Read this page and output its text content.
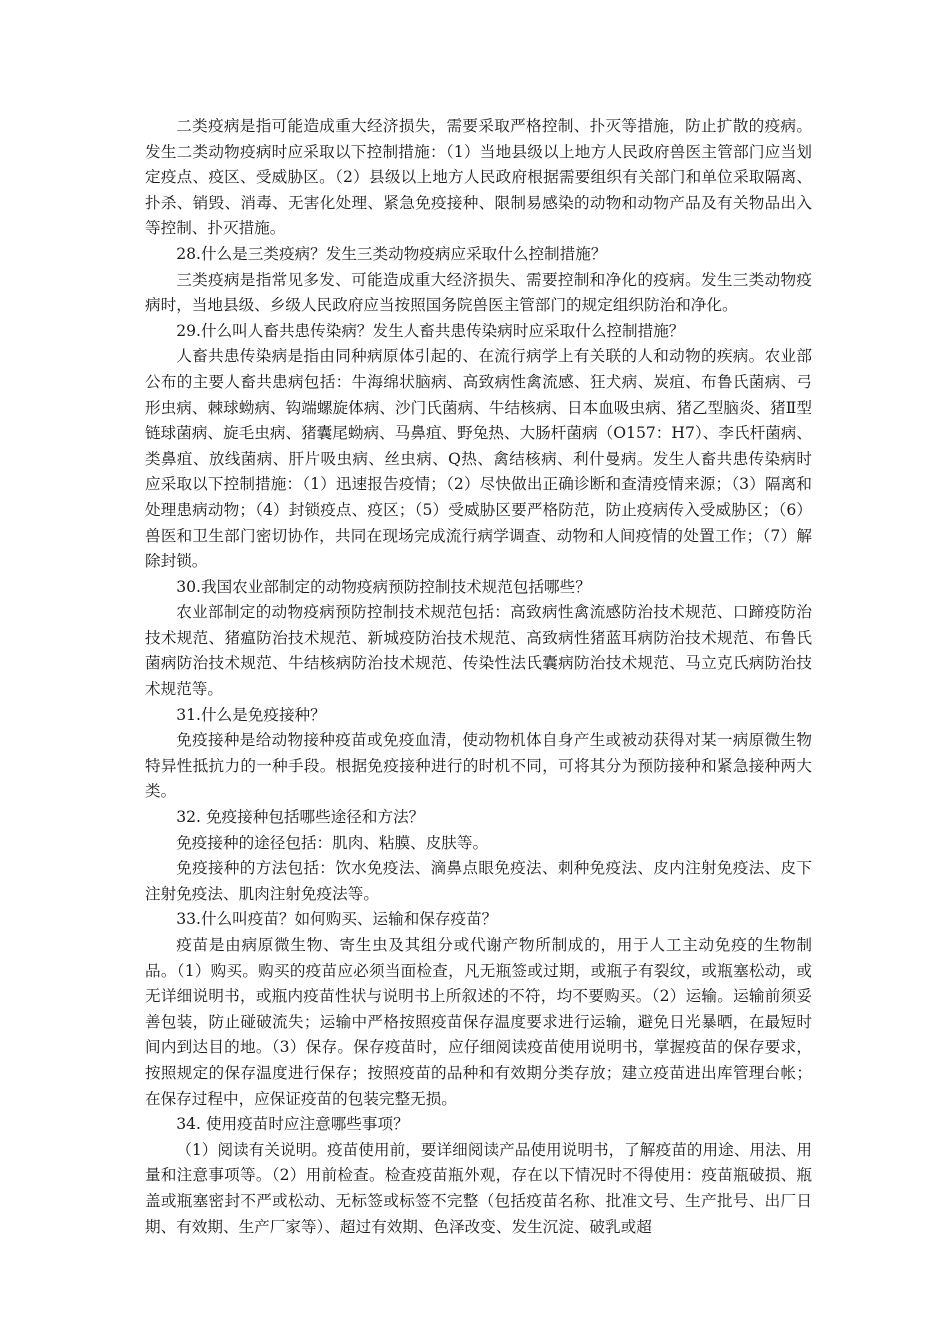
二类疫病是指可能造成重大经济损失，需要采取严格控制、扑灭等措施，防止扩散的疫病。发生二类动物疫病时应采取以下控制措施：（1）当地县级以上地方人民政府兽医主管部门应当划定疫点、疫区、受威胁区。（2）县级以上地方人民政府根据需要组织有关部门和单位采取隔离、扑杀、销毁、消毒、无害化处理、紧急免疫接种、限制易感染的动物和动物产品及有关物品出入等控制、扑灭措施。

28.什么是三类疫病？发生三类动物疫病应采取什么控制措施？

三类疫病是指常见多发、可能造成重大经济损失、需要控制和净化的疫病。发生三类动物疫病时，当地县级、乡级人民政府应当按照国务院兽医主管部门的规定组织防治和净化。

29.什么叫人畜共患传染病？发生人畜共患传染病时应采取什么控制措施？

人畜共患传染病是指由同种病原体引起的、在流行病学上有关联的人和动物的疾病。农业部公布的主要人畜共患病包括：牛海绵状脑病、高致病性禽流感、狂犬病、炭疽、布鲁氏菌病、弓形虫病、棘球蚴病、钩端螺旋体病、沙门氏菌病、牛结核病、日本血吸虫病、猪乙型脑炎、猪Ⅱ型链球菌病、旋毛虫病、猪囊尾蚴病、马鼻疽、野兔热、大肠杆菌病（O157：H7）、李氏杆菌病、类鼻疽、放线菌病、肝片吸虫病、丝虫病、Q热、禽结核病、利什曼病。发生人畜共患传染病时应采取以下控制措施：（1）迅速报告疫情；（2）尽快做出正确诊断和查清疫情来源；（3）隔离和处理患病动物；（4）封锁疫点、疫区；（5）受威胁区要严格防范，防止疫病传入受威胁区；（6）兽医和卫生部门密切协作，共同在现场完成流行病学调查、动物和人间疫情的处置工作；（7）解除封锁。

30.我国农业部制定的动物疫病预防控制技术规范包括哪些？

农业部制定的动物疫病预防控制技术规范包括：高致病性禽流感防治技术规范、口蹄疫防治技术规范、猪瘟防治技术规范、新城疫防治技术规范、高致病性猪蓝耳病防治技术规范、布鲁氏菌病防治技术规范、牛结核病防治技术规范、传染性法氏囊病防治技术规范、马立克氏病防治技术规范等。

31.什么是免疫接种？

免疫接种是给动物接种疫苗或免疫血清，使动物机体自身产生或被动获得对某一病原微生物特异性抵抗力的一种手段。根据免疫接种进行的时机不同，可将其分为预防接种和紧急接种两大类。

32. 免疫接种包括哪些途径和方法？

免疫接种的途径包括：肌肉、粘膜、皮肤等。

免疫接种的方法包括：饮水免疫法、滴鼻点眼免疫法、刺种免疫法、皮内注射免疫法、皮下注射免疫法、肌肉注射免疫法等。

33.什么叫疫苗？如何购买、运输和保存疫苗？

疫苗是由病原微生物、寄生虫及其组分或代谢产物所制成的，用于人工主动免疫的生物制品。（1）购买。购买的疫苗应必须当面检查，凡无瓶签或过期，或瓶子有裂纹，或瓶塞松动，或无详细说明书，或瓶内疫苗性状与说明书上所叙述的不符，均不要购买。（2）运输。运输前须妥善包装，防止碰破流失；运输中严格按照疫苗保存温度要求进行运输，避免日光暴晒，在最短时间内到达目的地。（3）保存。保存疫苗时，应仔细阅读疫苗使用说明书，掌握疫苗的保存要求，按照规定的保存温度进行保存；按照疫苗的品种和有效期分类存放；建立疫苗进出库管理台帐；在保存过程中，应保证疫苗的包装完整无损。

34. 使用疫苗时应注意哪些事项？

（1）阅读有关说明。疫苗使用前，要详细阅读产品使用说明书，了解疫苗的用途、用法、用量和注意事项等。（2）用前检查。检查疫苗瓶外观，存在以下情况时不得使用：疫苗瓶破损、瓶盖或瓶塞密封不严或松动、无标签或标签不完整（包括疫苗名称、批准文号、生产批号、出厂日期、有效期、生产厂家等）、超过有效期、色泽改变、发生沉淀、破乳或超
